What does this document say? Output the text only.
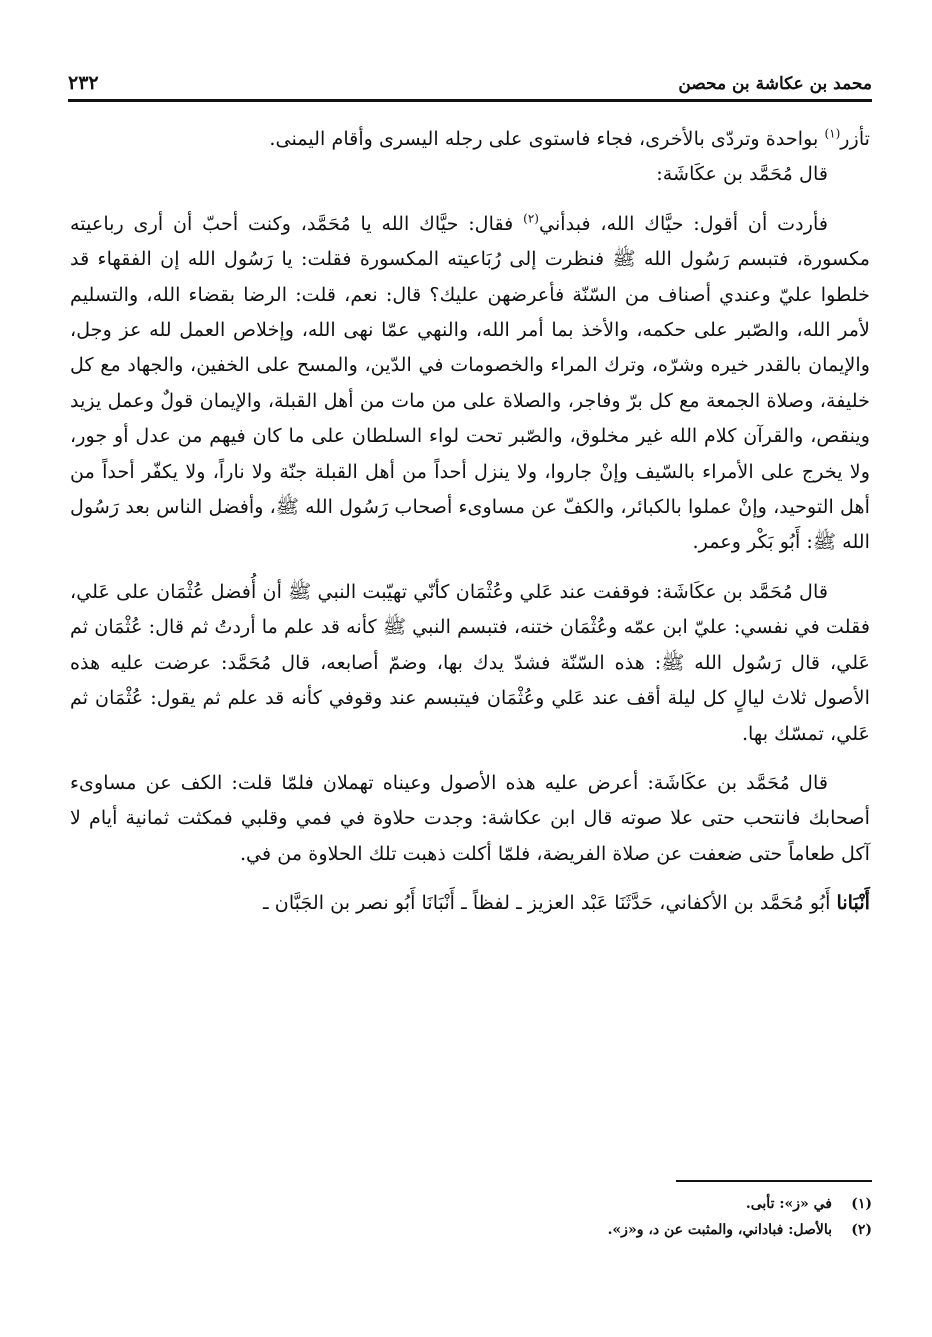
محمد بن عكاشة بن محصن
٢٣٢

تأزر$^{(١)}$ بواحدة وتردّى بالأخرى، فجاء فاستوى على رجله اليسرى وأقام اليمنى.

قال مُحَمَّد بن عكَاشَة:

فأردت أن أقول: حيَّاك الله، فبدأني$^{(٢)}$ فقال: حيَّاك الله يا مُحَمَّد، وكنت أحبّ أن أرى رباعيته مكسورة، فتبسم رَسُول الله ﷺ فنظرت إلى رُبَاعيته المكسورة فقلت: يا رَسُول الله إن الفقهاء قد خلطوا عليّ وعندي أصناف من السّنّة فأعرضهن عليك؟ قال: نعم، قلت: الرضا بقضاء الله، والتسليم لأمر الله، والصّبر على حكمه، والأخذ بما أمر الله، والنهي عمّا نهى الله، وإخلاص العمل لله عز وجل، والإيمان بالقدر خيره وشرّه، وترك المراء والخصومات في الدّين، والمسح على الخفين، والجهاد مع كل خليفة، وصلاة الجمعة مع كل برّ وفاجر، والصلاة على من مات من أهل القبلة، والإيمان قولٌ وعمل يزيد وينقص، والقرآن كلام الله غير مخلوق، والصّبر تحت لواء السلطان على ما كان فيهم من عدل أو جور، ولا يخرج على الأمراء بالسّيف وإنْ جاروا، ولا ينزل أحداً من أهل القبلة جنّة ولا ناراً، ولا يكفّر أحداً من أهل التوحيد، وإنْ عملوا بالكبائر، والكفّ عن مساوىء أصحاب رَسُول الله ﷺ، وأفضل الناس بعد رَسُول الله ﷺ: أَبُو بَكْر وعمر.

قال مُحَمَّد بن عكَاشَة: فوقفت عند عَلي وعُثْمَان كأنّي تهيّبت النبي ﷺ أن أُفضل عُثْمَان على عَلي، فقلت في نفسي: عليّ ابن عمّه وعُثْمَان ختنه، فتبسم النبي ﷺ كأنه قد علم ما أردتُ ثم قال: عُثْمَان ثم عَلي، قال رَسُول الله ﷺ: هذه السّنّة فشدّ يدك بها، وضمّ أصابعه، قال مُحَمَّد: عرضت عليه هذه الأصول ثلاث ليالٍ كل ليلة أقف عند عَلي وعُثْمَان فيتبسم عند وقوفي كأنه قد علم ثم يقول: عُثْمَان ثم عَلي، تمسّك بها.

قال مُحَمَّد بن عكَاشَة: أعرض عليه هذه الأصول وعيناه تهملان فلمّا قلت: الكف عن مساوىء أصحابك فانتحب حتى علا صوته قال ابن عكاشة: وجدت حلاوة في فمي وقلبي فمكثت ثمانية أيام لا آكل طعاماً حتى ضعفت عن صلاة الفريضة، فلمّا أكلت ذهبت تلك الحلاوة من في.

أَنْبَانا أَبُو مُحَمَّد بن الأكفاني، حَدَّثَنَا عَبْد العزيز ـ لفظاً ـ أَنْبَانَا أَبُو نصر بن الجَبَّان ـ

(١)
في «ز»: تأبى.
(٢)
بالأصل: فباداني، والمثبت عن د، و«ز».
